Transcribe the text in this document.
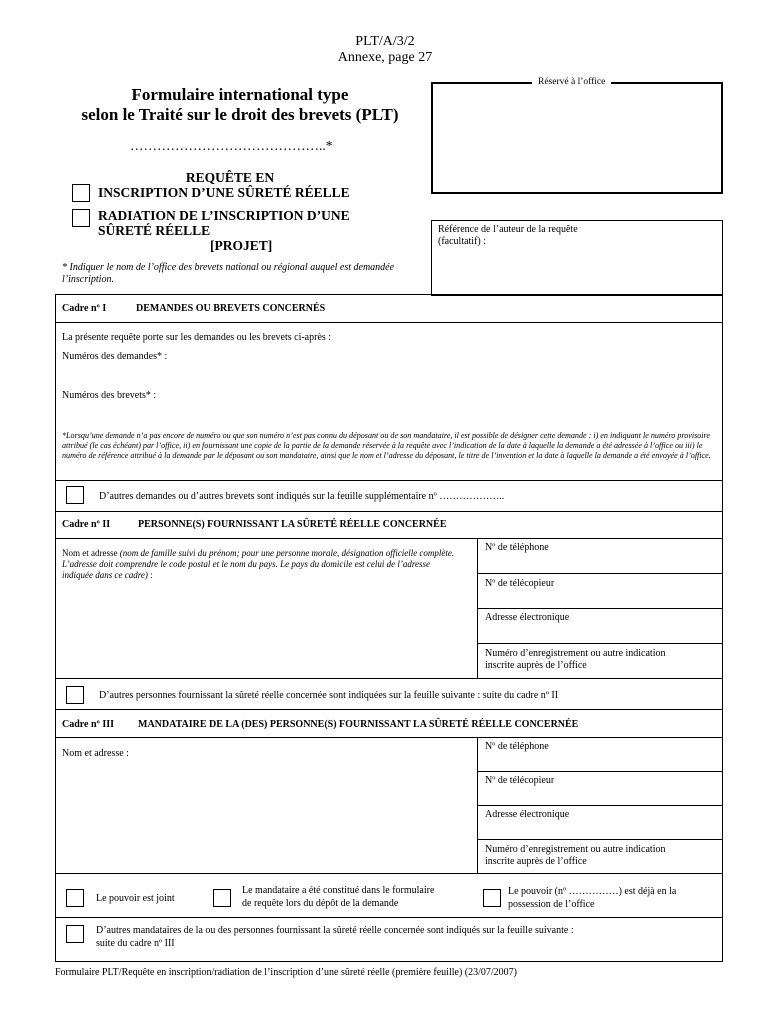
PLT/A/3/2
Annexe, page 27
Formulaire international type
selon le Traité sur le droit des brevets (PLT)
……………………………………..*
REQUÊTE EN
INSCRIPTION D’UNE SÛRETÉ RÉELLE
RADIATION DE L’INSCRIPTION D’UNE
SÛRETÉ RÉELLE
[PROJET]
* Indiquer le nom de l’office des brevets national ou régional auquel est demandée l’inscription.
Réservé à l’office
Référence de l’auteur de la requête
(facultatif) :
Cadre nº I	DEMANDES OU BREVETS CONCERNÉS
La présente requête porte sur les demandes ou les brevets ci-après :
Numéros des demandes* :
Numéros des brevets* :
*Lorsqu’une demande n’a pas encore de numéro ou que son numéro n’est pas connu du déposant ou de son mandataire, il est possible de désigner cette demande : i) en indiquant le numéro provisoire attribué (le cas échéant) par l’office, ii) en fournissant une copie de la partie de la demande réservée à la requête avec l’indication de la date à laquelle la demande a été adressée à l’office ou iii) le numéro de référence attribué à la demande par le déposant ou son mandataire, ainsi que le nom et l’adresse du déposant, le titre de l’invention et la date à laquelle la demande a été envoyée à l’office.
D’autres demandes ou d’autres brevets sont indiqués sur la feuille supplémentaire nº ………………..
Cadre nº II	PERSONNE(S) FOURNISSANT LA SÛRETÉ RÉELLE CONCERNÉE
Nom et adresse (nom de famille suivi du prénom; pour une personne morale, désignation officielle complète. L’adresse doit comprendre le code postal et le nom du pays. Le pays du domicile est celui de l’adresse indiquée dans ce cadre) :
Nº de téléphone
Nº de télécopieur
Adresse électronique
Numéro d’enregistrement ou autre indication
inscrite auprès de l’office
D’autres personnes fournissant la sûreté réelle concernée sont indiquées sur la feuille suivante : suite du cadre nº II
Cadre nº III MANDATAIRE DE LA (DES) PERSONNE(S) FOURNISSANT LA SÛRETÉ RÉELLE CONCERNÉE
Nom et adresse :
Nº de téléphone
Nº de télécopieur
Adresse électronique
Numéro d’enregistrement ou autre indication
inscrite auprès de l’office
Le pouvoir est joint
Le mandataire a été constitué dans le formulaire
de requête lors du dépôt de la demande
Le pouvoir (nº ……………) est déjà en la
possession de l’office
D’autres mandataires de la ou des personnes fournissant la sûreté réelle concernée sont indiqués sur la feuille suivante :
suite du cadre nº III
Formulaire PLT/Requête en inscription/radiation de l’inscription d’une sûreté réelle (première feuille) (23/07/2007)
